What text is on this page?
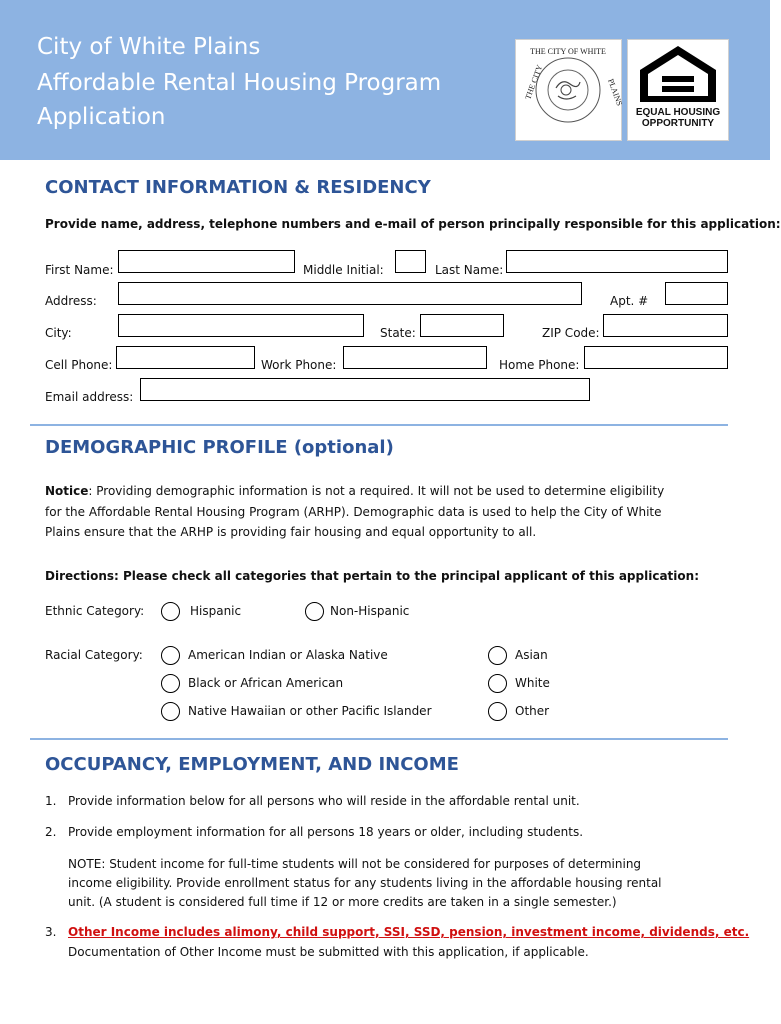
City of White Plains
Affordable Rental Housing Program
Application
THE CITY OF WHITE
THE CITY	PLAINS
EQUAL HOUSING
OPPORTUNITY
CONTACT INFORMATION & RESIDENCY
Provide name, address, telephone numbers and e-mail of person principally responsible for this application:
First Name:	Middle Initial:	Last Name:
Address:	Apt. #
City:	State:	ZIP Code:
Cell Phone:	Work Phone:	Home Phone:
Email address:
DEMOGRAPHIC PROFILE (optional)
Notice: Providing demographic information is not a required. It will not be used to determine eligibility
for the Affordable Rental Housing Program (ARHP). Demographic data is used to help the City of White
Plains ensure that the ARHP is providing fair housing and equal opportunity to all.
Directions: Please check all categories that pertain to the principal applicant of this application:
Ethnic Category:	Hispanic	Non-Hispanic
Racial Category:	American Indian or Alaska Native	Asian
Black or African American	White
Native Hawaiian or other Pacific Islander	Other
OCCUPANCY, EMPLOYMENT, AND INCOME
1. Provide information below for all persons who will reside in the affordable rental unit.
2. Provide employment information for all persons 18 years or older, including students.
NOTE: Student income for full-time students will not be considered for purposes of determining
income eligibility. Provide enrollment status for any students living in the affordable housing rental
unit. (A student is considered full time if 12 or more credits are taken in a single semester.)
3. Other Income includes alimony, child support, SSI, SSD, pension, investment income, dividends, etc.
Documentation of Other Income must be submitted with this application, if applicable.
